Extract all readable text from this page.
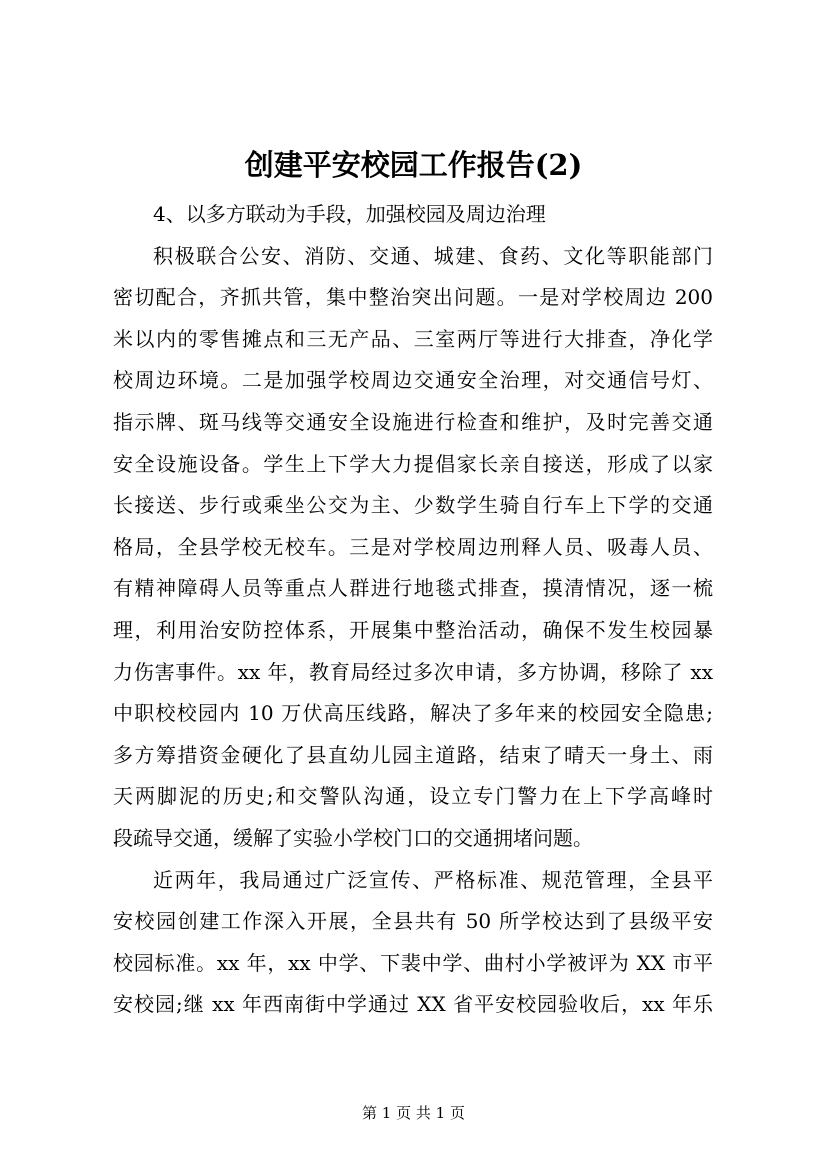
创建平安校园工作报告(2)
4、以多方联动为手段，加强校园及周边治理
积极联合公安、消防、交通、城建、食药、文化等职能部门
密切配合，齐抓共管，集中整治突出问题。一是对学校周边 200
米以内的零售摊点和三无产品、三室两厅等进行大排查，净化学
校周边环境。二是加强学校周边交通安全治理，对交通信号灯、
指示牌、斑马线等交通安全设施进行检查和维护，及时完善交通
安全设施设备。学生上下学大力提倡家长亲自接送，形成了以家
长接送、步行或乘坐公交为主、少数学生骑自行车上下学的交通
格局，全县学校无校车。三是对学校周边刑释人员、吸毒人员、
有精神障碍人员等重点人群进行地毯式排查，摸清情况，逐一梳
理，利用治安防控体系，开展集中整治活动，确保不发生校园暴
力伤害事件。xx 年，教育局经过多次申请，多方协调，移除了 xx
中职校校园内 10 万伏高压线路，解决了多年来的校园安全隐患;
多方筹措资金硬化了县直幼儿园主道路，结束了晴天一身土、雨
天两脚泥的历史;和交警队沟通，设立专门警力在上下学高峰时
段疏导交通，缓解了实验小学校门口的交通拥堵问题。
近两年，我局通过广泛宣传、严格标准、规范管理，全县平
安校园创建工作深入开展，全县共有 50 所学校达到了县级平安
校园标准。xx 年，xx 中学、下裴中学、曲村小学被评为 XX 市平
安校园;继 xx 年西南街中学通过 XX 省平安校园验收后，xx 年乐
第 1 页 共 1 页
